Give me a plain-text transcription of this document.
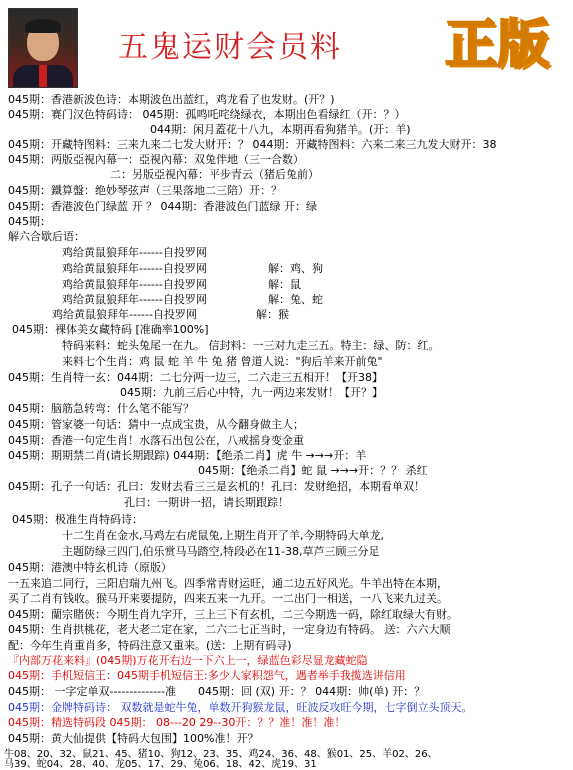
五鬼运财会员料 正版
045期：香港新波色诗：本期波色出蓝红，鸡龙看了也发财。(开？)
045期：赛门汉色特码诗： 045期：孤鸣吒咤绕绿衣，本期出色看绿红（开：？）
044期：闲月蓋花十八九，本期再看狗猪羊。(开：羊)
045期：开藏特图料：三来九来二七发大财开：？ 044期：开藏特图料：六来二来三九发大财开：38
045期：两版亞視內幕一：亞視內幕：双兔伴地（三一合数）
二：另版亞視內幕：平步青云（猪后兔前）
045期：鐵算盤：绝妙琴弦声（三果落地二三陪）开：？
045期：香港波色门绿蓝 开 ？ 044期：香港波色门蓝绿 开：绿
045期：
解六合歇后语：
鸡给黄鼠狼拜年------自投罗网
鸡给黄鼠狼拜年------自投罗网	解：鸡、狗
鸡给黄鼠狼拜年------自投罗网	解：鼠
鸡给黄鼠狼拜年------自投罗网	解：兔、蛇
鸡给黄鼠狼拜年------自投罗网	解：猴
045期：裸体美女藏特码 [准确率100%]
特码来料：蛇头兔尾一在九。 信封料：一三对九走三五。特主：绿、防：红。
来料七个生肖：鸡 鼠 蛇 羊 牛 兔 猪 曾道人说："狗后羊来开前兔"
045期：生肖特一玄：044期：二七分两一边三，二六走三五相开！【开38】
045期：九前三后心中特，九一两边来发财！【开？】
045期：脑筋急转弯：什么笔不能写？
045期：管家婆一句话：猜中一点成宝贵，从今翻身做主人；
045期：香港一句定生肖！水落石出包公在，八戒摇身变金重
045期：期期禁二肖(请长期跟踪) 044期：【绝杀二肖】虎 牛 →→→开：羊
045期：【绝杀二肖】蛇 鼠 →→→开：？？ 杀红
045期：孔子一句话：孔曰：发财去看三三是玄机的！孔曰：发财绝招，本期看单双！
孔曰：一期讲一招，请长期跟踪！
045期：极准生肖特码诗：
十二生肖在金水,马鸡左右虎鼠兔,上期生肖开了羊,今期特码大单龙,
主题防绿三四门,伯乐赏马马踏空,特段必在11-38,草芦三顾三分足
045期：港澳中特玄机诗（原版）
一五来追二同行，三阳启瑞九州飞。四季常青财运旺，通二边五好风光。牛羊出特在本期，
买了二肖有钱收。猴马开来要提防，四来五来一九开。一二出门一相送，一八飞来九过关。
045期：蘭宗賭俠：今期生肖九字开，三上三下有玄机，二三今期选一码，除红取绿大有财。
045期：生肖拱桃花，老大老二定在家，二六二七正当时，一定身边有特码。 送：六六大顺
配：今年生肖重肖多，特码注意又重来。(送：上期有码寻)
『内部万花来料』(045期)万花开右边一下六上一，绿蓝色彩尽显龙藏蛇隐
045期：手机短信王：045期手机短信王:多少人家积怨气，遇者举手我揽选讲信用
045期： 一字定单双--------------准 045期：回 (双) 开：？ 044期：帅(单) 开：？
045期：金牌特码诗： 双数就是蛇牛兔，单数开狗猴龙鼠，旺波反攻旺今期，七字倒立头顶天。
045期：精选特码段 045期： 08---20 29--30开：？？准！准！准！
045期：黄大仙提供【特码大包围】100%准！开？
牛08、20、32、鼠21、45、猪10、狗12、23、35、鸡24、36、48、猴01、25、羊02、26、
马39、蛇04、28、40、龙05、17、29、兔06、18、42、虎19、31
